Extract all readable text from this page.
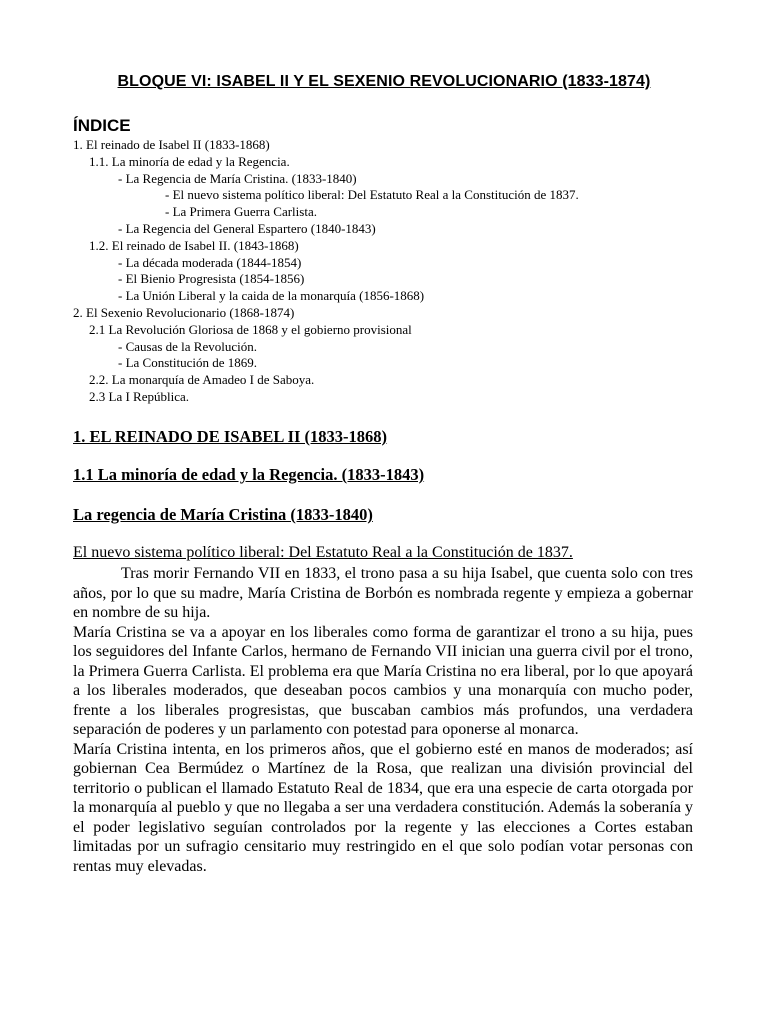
BLOQUE VI: ISABEL II Y EL SEXENIO REVOLUCIONARIO (1833-1874)
ÍNDICE
1. El reinado de Isabel II (1833-1868)
1.1. La minoría de edad y la Regencia.
- La Regencia de María Cristina. (1833-1840)
- El nuevo sistema político liberal: Del Estatuto Real a la Constitución de 1837.
- La Primera Guerra Carlista.
- La Regencia del General Espartero (1840-1843)
1.2. El reinado de Isabel II. (1843-1868)
- La década moderada (1844-1854)
- El Bienio Progresista (1854-1856)
- La Unión Liberal y la caida de la monarquía (1856-1868)
2. El Sexenio Revolucionario (1868-1874)
2.1 La Revolución Gloriosa de 1868 y el gobierno provisional
- Causas de la Revolución.
- La Constitución de 1869.
2.2. La monarquía de Amadeo I de Saboya.
2.3 La I República.
1. EL REINADO DE ISABEL II (1833-1868)
1.1 La minoría de edad y la Regencia. (1833-1843)
La regencia de María Cristina (1833-1840)
El nuevo sistema político liberal: Del Estatuto Real a la Constitución de 1837.

Tras morir Fernando VII en 1833, el trono pasa a su hija Isabel, que cuenta solo con tres años, por lo que su madre, María Cristina de Borbón es nombrada regente y empieza a gobernar en nombre de su hija.

María Cristina se va a apoyar en los liberales como forma de garantizar el trono a su hija, pues los seguidores del Infante Carlos, hermano de Fernando VII inician una guerra civil por el trono, la Primera Guerra Carlista. El problema era que María Cristina no era liberal, por lo que apoyará a los liberales moderados, que deseaban pocos cambios y una monarquía con mucho poder, frente a los liberales progresistas, que buscaban cambios más profundos, una verdadera separación de poderes y un parlamento con potestad para oponerse al monarca.

María Cristina intenta, en los primeros años, que el gobierno esté en manos de moderados; así gobiernan Cea Bermúdez o Martínez de la Rosa, que realizan una división provincial del territorio o publican el llamado Estatuto Real de 1834, que era una especie de carta otorgada por la monarquía al pueblo y que no llegaba a ser una verdadera constitución. Además la soberanía y el poder legislativo seguían controlados por la regente y las elecciones a Cortes estaban limitadas por un sufragio censitario muy restringido en el que solo podían votar personas con rentas muy elevadas.
